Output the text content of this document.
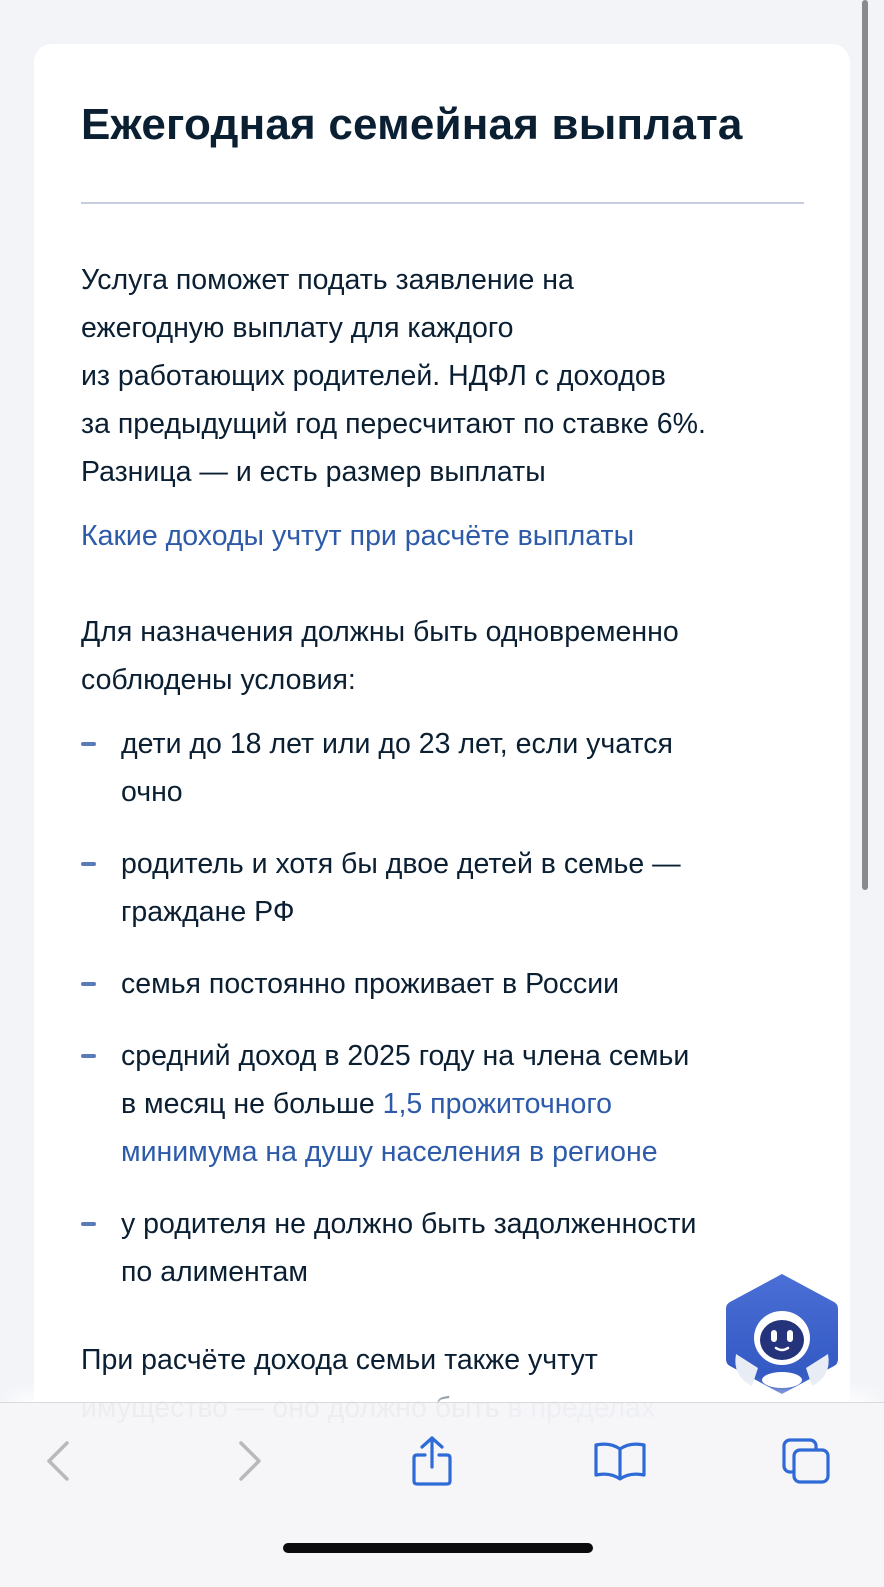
Ежегодная семейная выплата

Услуга поможет подать заявление на
ежегодную выплату для каждого
из работающих родителей. НДФЛ с доходов
за предыдущий год пересчитают по ставке 6%.
Разница — и есть размер выплаты

Какие доходы учтут при расчёте выплаты

Для назначения должны быть одновременно
соблюдены условия:

дети до 18 лет или до 23 лет, если учатся
очно
родитель и хотя бы двое детей в семье —
граждане РФ
семья постоянно проживает в России
средний доход в 2025 году на члена семьи
в месяц не больше 1,5 прожиточного
минимума на душу населения в регионе
у родителя не должно быть задолженности
по алиментам

При расчёте дохода семьи также учтут
